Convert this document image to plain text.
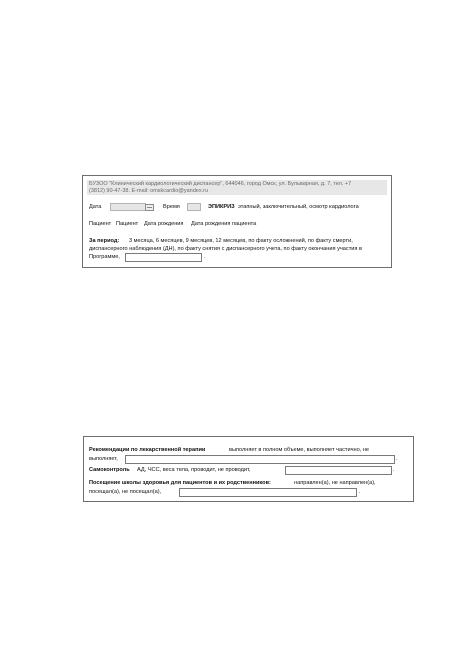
БУЗОО "Клинический кардиологический диспансер", 644046, город Омск, ул. Бульварная, д. 7, тел. +7
(3812) 90-47-38. E-mail: omskcardio@yandex.ru
Дата	Время	ЭПИКРИЗ этапный, заключительный, осмотр кардиолога
Пациент Пациент Дата рождения Дата рождения пациента
За период: 3 месяца, 6 месяцев, 9 месяцев, 12 месяцев, по факту осложнений, по факту смерти,
диспансерного наблюдения (ДН), по факту снятия с диспансерного учета, по факту окончания участия в
Программе,	.
Рекомендации по лекарственной терапии	выполняет в полном объеме, выполняет частично, не
выполняет,	.
Самоконтроль АД, ЧСС, веса тела, проводит, не проводит,	.
Посещение школы здоровья для пациентов и их родственников:	направлен(а), не направлен(а),
посещал(а), не посещал(а),	.
